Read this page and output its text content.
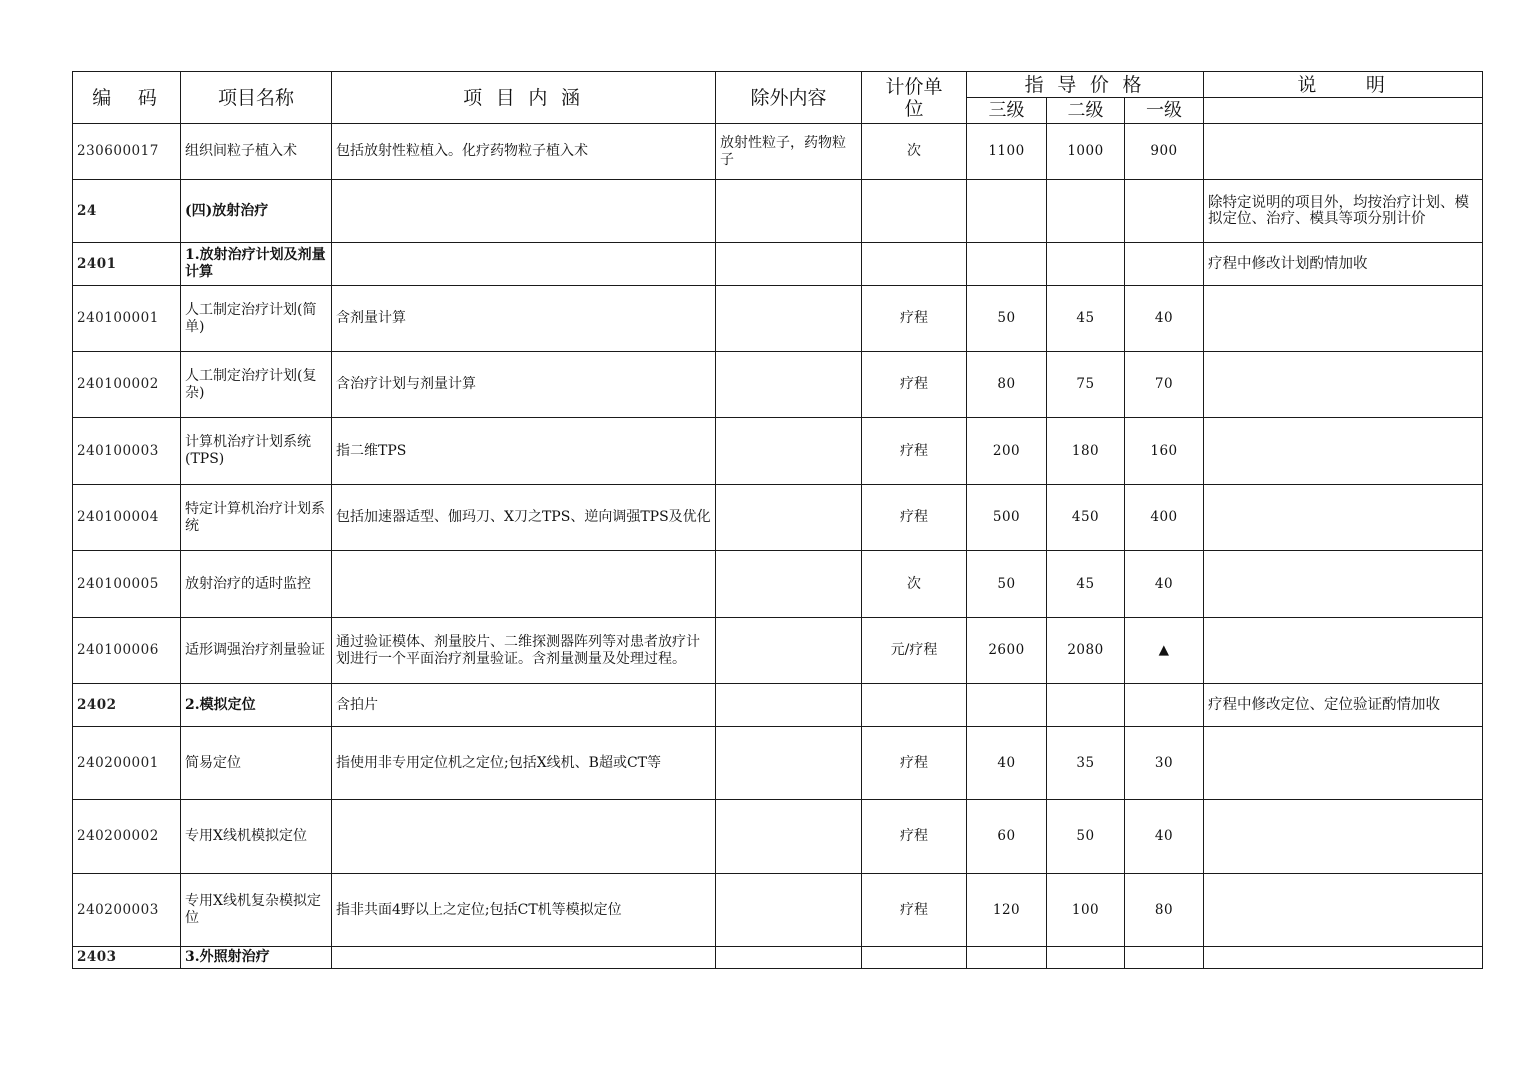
编　码	项目名称	项 目 内 涵	除外内容	计价单位	指 导 价 格			说　　明
					三级	二级	一级	
230600017	组织间粒子植入术	包括放射性粒植入。化疗药物粒子植入术	放射性粒子，药物粒子	次	1100	1000	900	
24	(四)放射治疗							除特定说明的项目外，均按治疗计划、模拟定位、治疗、模具等项分别计价
2401	1.放射治疗计划及剂量计算							疗程中修改计划酌情加收
240100001	人工制定治疗计划(简单)	含剂量计算		疗程	50	45	40	
240100002	人工制定治疗计划(复杂)	含治疗计划与剂量计算		疗程	80	75	70	
240100003	计算机治疗计划系统(TPS)	指二维TPS		疗程	200	180	160	
240100004	特定计算机治疗计划系统	包括加速器适型、伽玛刀、X刀之TPS、逆向调强TPS及优化		疗程	500	450	400	
240100005	放射治疗的适时监控			次	50	45	40	
240100006	适形调强治疗剂量验证	通过验证模体、剂量胶片、二维探测器阵列等对患者放疗计划进行一个平面治疗剂量验证。含剂量测量及处理过程。		元/疗程	2600	2080	▲	
2402	2.模拟定位	含拍片						疗程中修改定位、定位验证酌情加收
240200001	简易定位	指使用非专用定位机之定位;包括X线机、B超或CT等		疗程	40	35	30	
240200002	专用X线机模拟定位			疗程	60	50	40	
240200003	专用X线机复杂模拟定位	指非共面4野以上之定位;包括CT机等模拟定位		疗程	120	100	80	
2403	3.外照射治疗							
